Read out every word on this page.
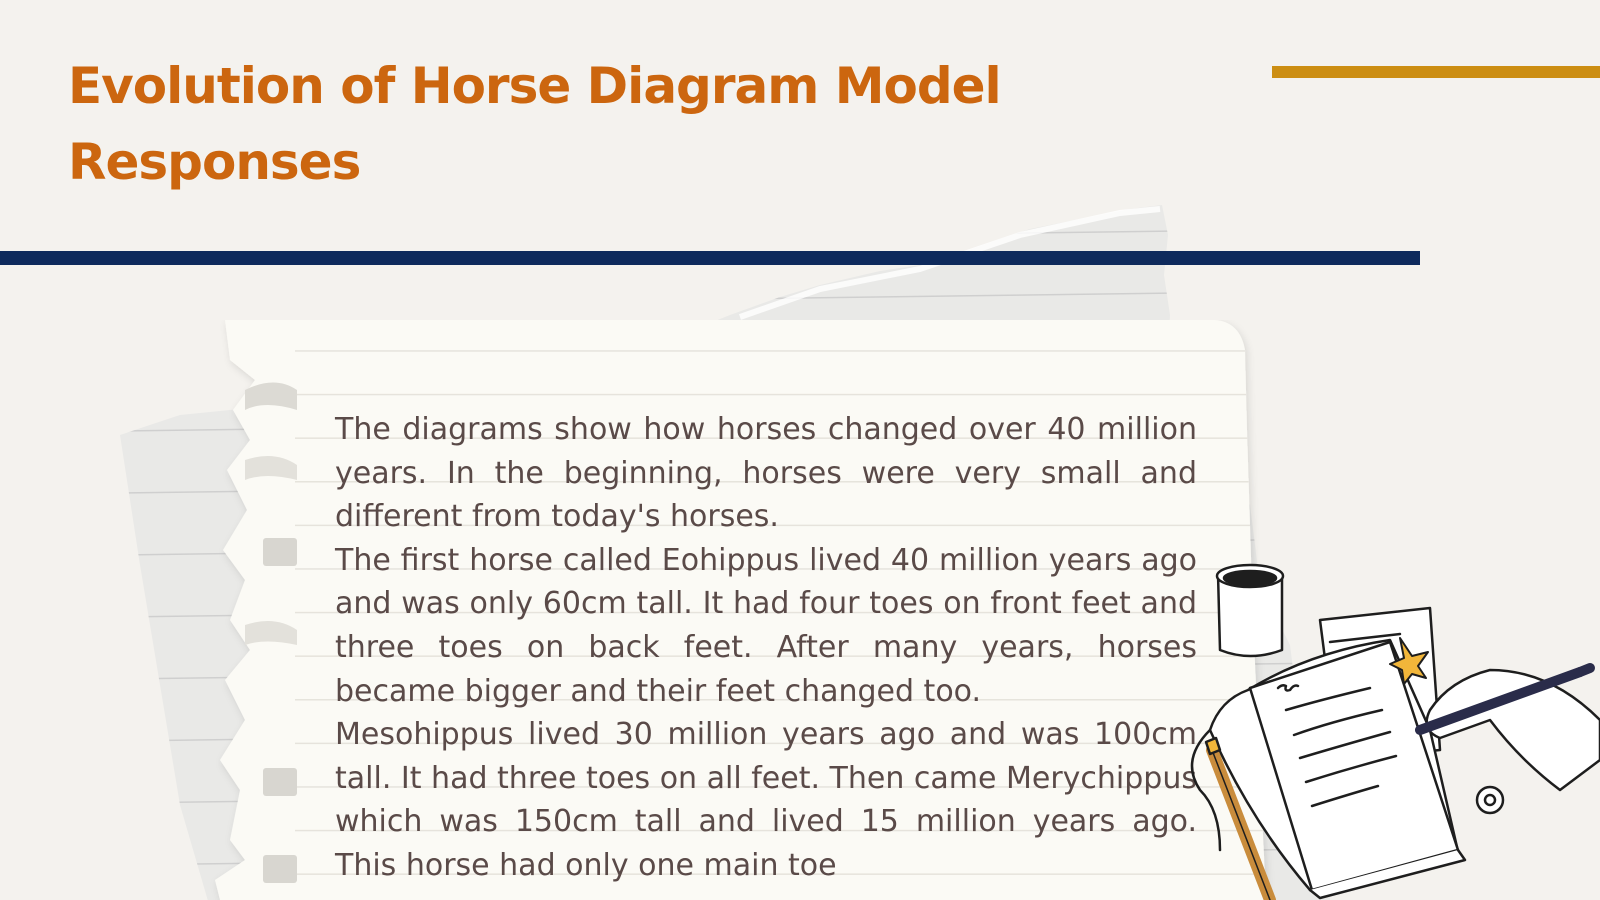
Evolution of Horse Diagram Model Responses

The diagrams show how horses changed over 40 million years. In the beginning, horses were very small and different from today's horses.

The first horse called Eohippus lived 40 million years ago and was only 60cm tall. It had four toes on front feet and three toes on back feet. After many years, horses became bigger and their feet changed too.

Mesohippus lived 30 million years ago and was 100cm tall. It had three toes on all feet. Then came Merychippus which was 150cm tall and lived 15 million years ago. This horse had only one main toe
